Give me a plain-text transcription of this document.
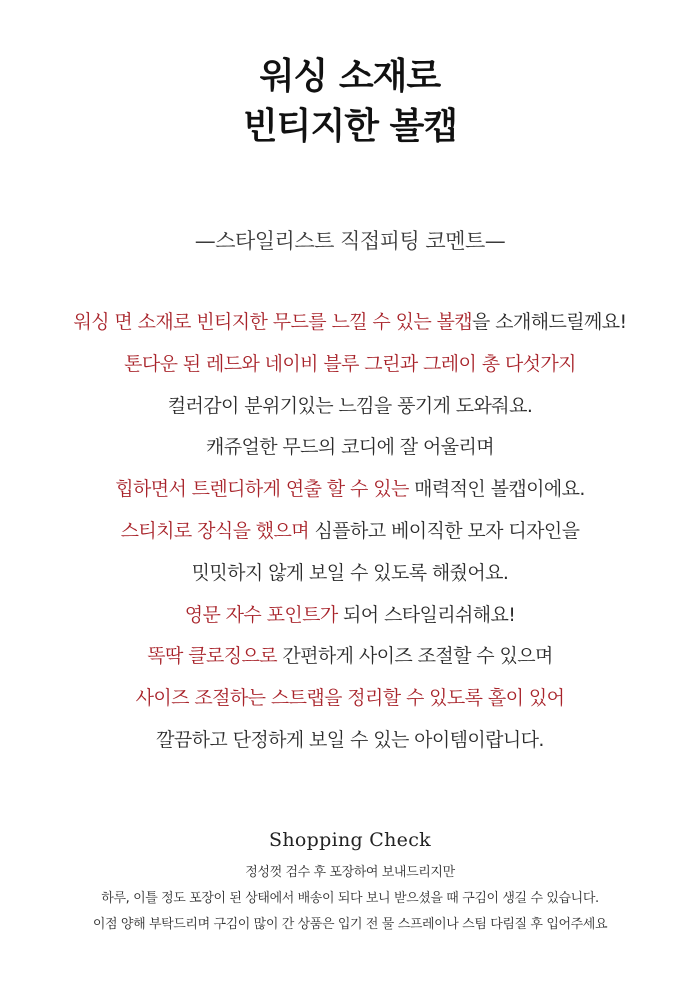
워싱 소재로
빈티지한 볼캡
—스타일리스트 직접피팅 코멘트—
워싱 면 소재로 빈티지한 무드를 느낄 수 있는 볼캡을 소개해드릴께요!
톤다운 된 레드와 네이비 블루 그린과 그레이 총 다섯가지
컬러감이 분위기있는 느낌을 풍기게 도와줘요.
캐쥬얼한 무드의 코디에 잘 어울리며
힙하면서 트렌디하게 연출 할 수 있는 매력적인 볼캡이에요.
스티치로 장식을 했으며 심플하고 베이직한 모자 디자인을
밋밋하지 않게 보일 수 있도록 해줬어요.
영문 자수 포인트가 되어 스타일리쉬해요!
똑딱 클로징으로 간편하게 사이즈 조절할 수 있으며
사이즈 조절하는 스트랩을 정리할 수 있도록 홀이 있어
깔끔하고 단정하게 보일 수 있는 아이템이랍니다.
Shopping Check
정성껏 검수 후 포장하여 보내드리지만
하루, 이틀 정도 포장이 된 상태에서 배송이 되다 보니 받으셨을 때 구김이 생길 수 있습니다.
이점 양해 부탁드리며 구김이 많이 간 상품은 입기 전 물 스프레이나 스팀 다림질 후 입어주세요
